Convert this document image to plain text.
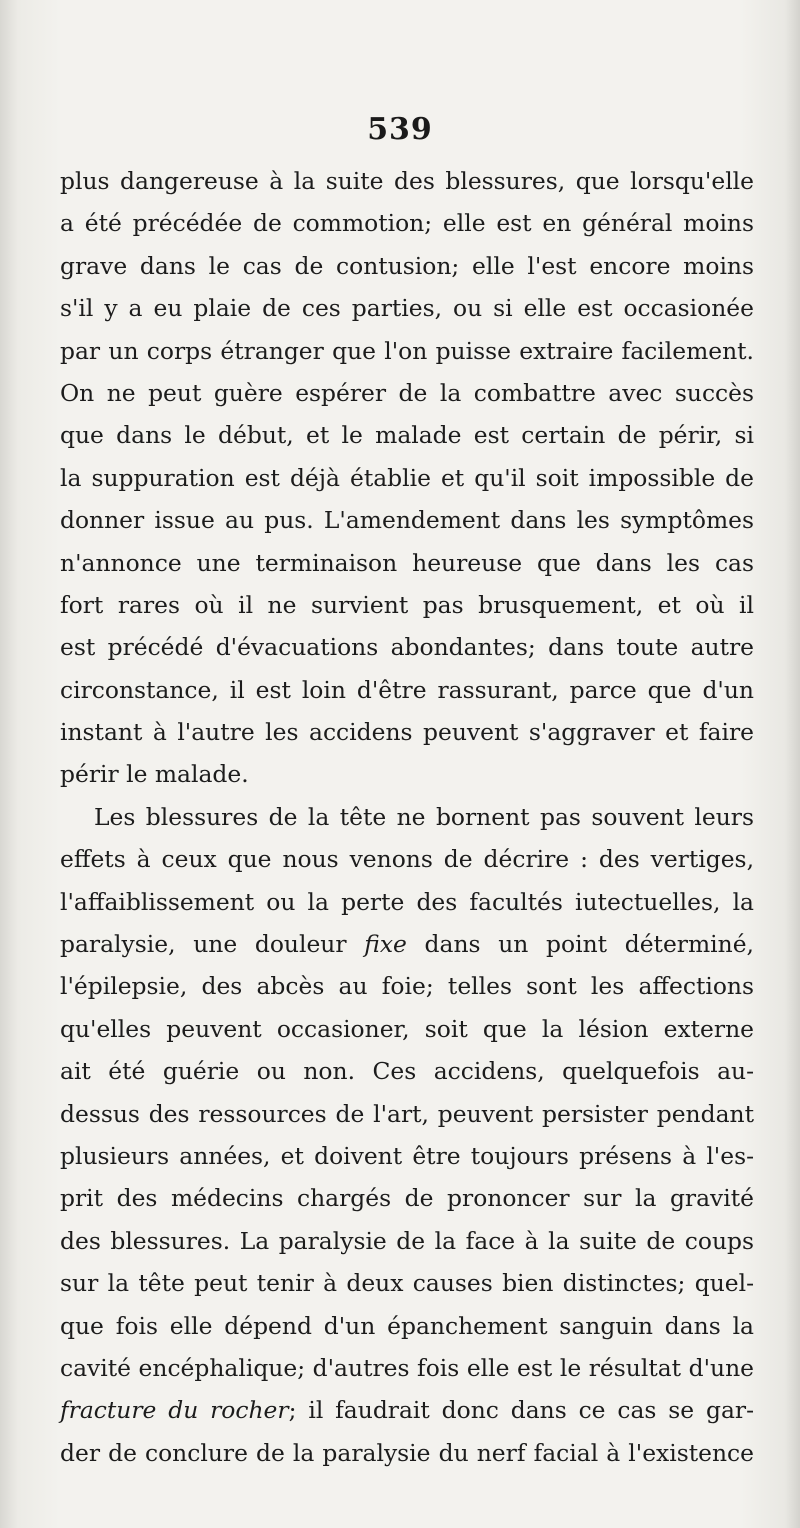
539
plus dangereuse à la suite des blessures, que lorsqu'elle
a été précédée de commotion; elle est en général moins
grave dans le cas de contusion; elle l'est encore moins
s'il y a eu plaie de ces parties, ou si elle est occasionée
par un corps étranger que l'on puisse extraire facilement.
On ne peut guère espérer de la combattre avec succès
que dans le début, et le malade est certain de périr, si
la suppuration est déjà établie et qu'il soit impossible de
donner issue au pus. L'amendement dans les symptômes
n'annonce une terminaison heureuse que dans les cas
fort rares où il ne survient pas brusquement, et où il
est précédé d'évacuations abondantes; dans toute autre
circonstance, il est loin d'être rassurant, parce que d'un
instant à l'autre les accidens peuvent s'aggraver et faire
périr le malade.
Les blessures de la tête ne bornent pas souvent leurs
effets à ceux que nous venons de décrire : des vertiges,
l'affaiblissement ou la perte des facultés iutectuelles, la
paralysie, une douleur fixe dans un point déterminé,
l'épilepsie, des abcès au foie; telles sont les affections
qu'elles peuvent occasioner, soit que la lésion externe
ait été guérie ou non. Ces accidens, quelquefois au-
dessus des ressources de l'art, peuvent persister pendant
plusieurs années, et doivent être toujours présens à l'es-
prit des médecins chargés de prononcer sur la gravité
des blessures. La paralysie de la face à la suite de coups
sur la tête peut tenir à deux causes bien distinctes; quel-
que fois elle dépend d'un épanchement sanguin dans la
cavité encéphalique; d'autres fois elle est le résultat d'une
fracture du rocher; il faudrait donc dans ce cas se gar-
der de conclure de la paralysie du nerf facial à l'existence
